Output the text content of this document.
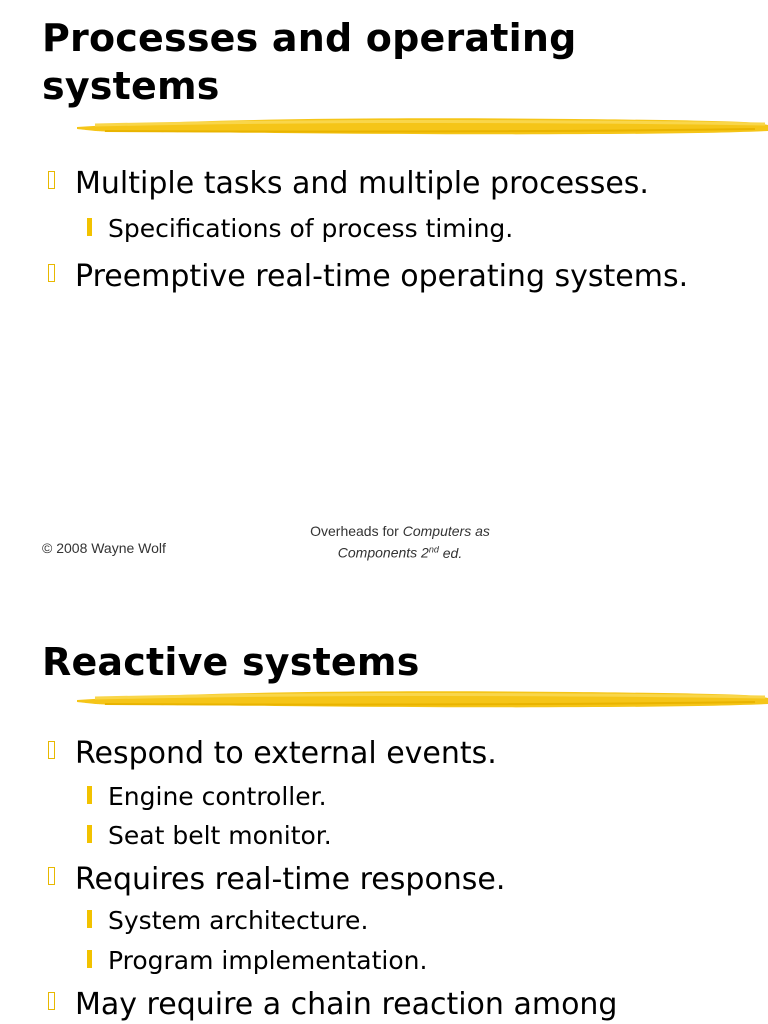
Processes and operating
systems
Multiple tasks and multiple processes.
Specifications of process timing.
Preemptive real-time operating systems.
© 2008 Wayne Wolf
Overheads for Computers as
Components 2nd ed.
Reactive systems
Respond to external events.
Engine controller.
Seat belt monitor.
Requires real-time response.
System architecture.
Program implementation.
May require a chain reaction among
